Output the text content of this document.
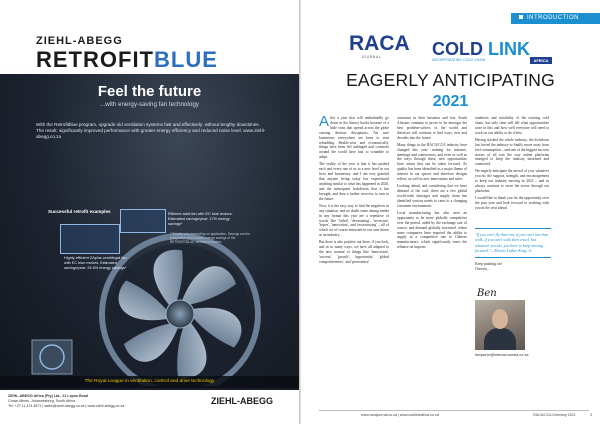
ZIEHL-ABEGG
RETROFITBLUE
Feel the future
...with energy-saving fan technology
With the Retrofitblue program, upgrade old ventilation systems fast and effectively: without lengthy downtimes. The result: significantly improved performance with greater energy efficiency and reduced noise level. www.ziehl-abegg.co.za
Successful retrofit examples
Highly-efficient ZAplus centrifugal fan with EC blue motors. Estimated savings/year: 26.6% energy savings*
Efficient axial fan with EC blue motors. Estimated savings/year: 27% energy savings*
* Results vary depending on application. Savings are the prospective and realistic energy savings of the RETROFITBLUE ventilation solution.
The Royal League in ventilation, control and drive technology
ZIEHL-ABEGG Africa (Pty) Ltd., 21 Lepus Road
Crown Mines, Johannesburg, South Africa
Tel: +27 11 474 4671 | sales@ziehl-abegg.co.za | www.ziehl-abegg.co.za	ZIEHL-ABEGG
INTRODUCTION
RACA
JOURNAL	COLD LINK
INCORPORATING COLD CHAIN	AFRICA
EAGERLY ANTICIPATING
2021

After a year that will undoubtedly go down in the history books because of a little virus that spread across the globe causing devious disruptions, I'm sure businesses everywhere are keen to start rebuilding. Health-wise and economically, things have been left unhinged and countries around the world have had to scramble to adapt.

The reality of the year is that it has pushed each and every one of us to a new level in our lives and businesses, and I am very grateful that anyone living today has experienced anything similar to what has happened in 2020, and the subsequent lockdowns that it has brought, and then a further recovery to turn to the future.

Now, it is the easy way to find the negatives in any situation, and no doubt some among media in any format this year are a repetitive of words like 'failed', 'devastating', 'recession', 'hopes', 'innovation', and 'restructuring' – all of which we of course entrusted in our own future as an industry.

But there is also positive out there, if you look, and in so many ways, we have all adapted to the new normal of things like 'innovation', 'success', 'growth', 'opportunity', 'global competitiveness', and 'persistence'.

outcomes in their business and lots. South Africans continue to prove to be amongst the best problem-solvers in the world and therefore will continue to find ways, new and decades into the future.

Many things in the RACA/CCA industry have changed this year: training for instance, meetings and conferences, and even as well as the ways through these, new opportunities have arisen that can be taken forward. As quality has been identified as a major theme of interest in our spaces and therefore designs reflect, as well as new innovations and safer.

Looking ahead, and considering that we have demand of the cool, there are a few global world-wide shortages and supply chain has identified various needs to cater to a changing consumer environment.

Local manufacturing has also seen an opportunity to be more globally competitive over the period, aided by the exchange rate of course, and demand globally increased, where some companies have reported the ability to supply at a competitive rate to Chinese manufacturers, which significantly eases the reliance on imports.

readiness and suitability of the existing cold chain, but only time will tell what opportunities arise in this and how well everyone will need to work on our ability to do it best.

Having stacked the whole industry, the lockdown has forced the industry to finally move away from fuel consumption – and one of the biggest success stories of all was the way online platforms emerged to keep the industry informed and connected.

We eagerly anticipate the arrival of you, whatever you do, the support, strength, and encouragement to keep our industry moving in 2021 – and as always continue to serve the sector through our platforms.

I would like to thank you for the opportunity over the past year and look forward to working with you in the year ahead.

"If you can't fly then run, if you can't run then walk, if you can't walk then crawl, but whatever you do, you have to keep moving forward." – Martin Luther King, Jr.
Keep pushing on!
Cheerio,
Ben
benjamin@interact-media.co.za
www.racajournal.co.za | www.coldlinkafrica.co.za	RACA/CCA Directory 2021	3
